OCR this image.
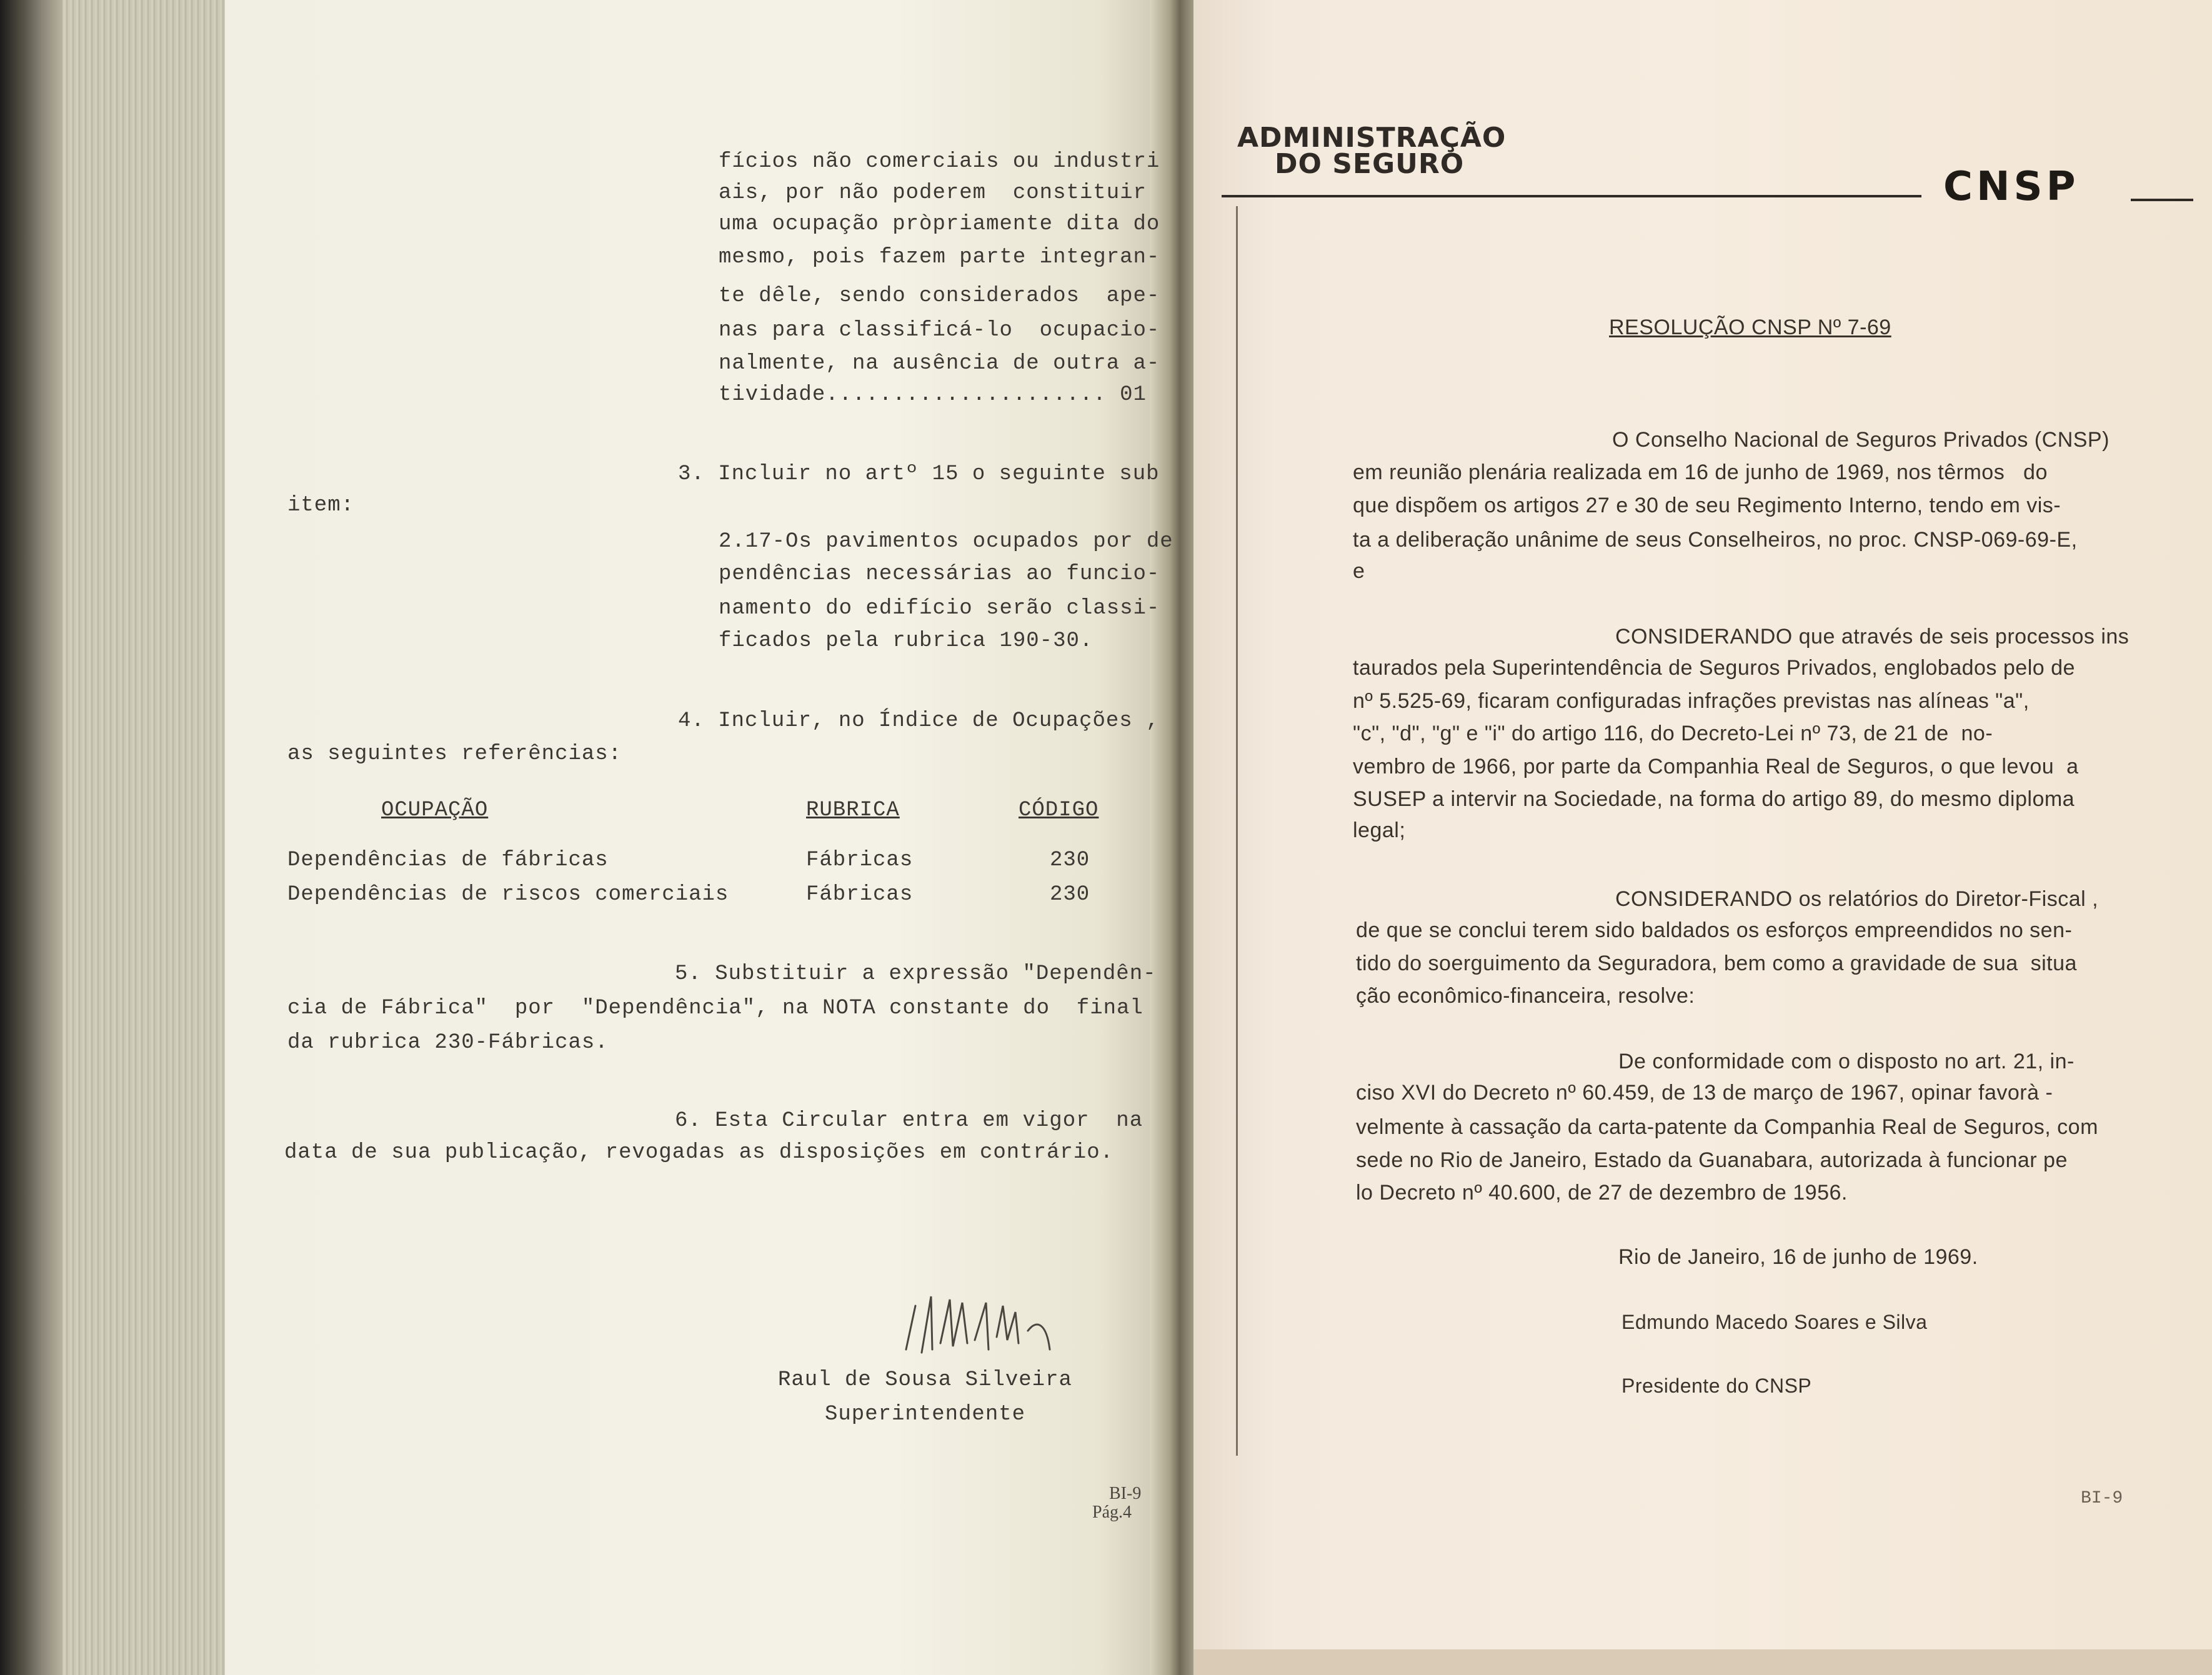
fícios não comerciais ou industri
ais, por não poderem  constituir
uma ocupação pròpriamente dita do
mesmo, pois fazem parte integran-
te dêle, sendo considerados  ape-
nas para classificá-lo  ocupacio-
nalmente, na ausência de outra a-
tividade..................... 01
3. Incluir no artº 15 o seguinte sub
item:
2.17-Os pavimentos ocupados por de
pendências necessárias ao funcio-
namento do edifício serão classi-
ficados pela rubrica 190-30.
4. Incluir, no Índice de Ocupações ,
as seguintes referências:
OCUPAÇÃO	RUBRICA	CÓDIGO
Dependências de fábricas	Fábricas	230
Dependências de riscos comerciais	Fábricas	230
5. Substituir a expressão "Dependên-
cia de Fábrica"  por  "Dependência", na NOTA constante do  final
da rubrica 230-Fábricas.
6. Esta Circular entra em vigor  na
data de sua publicação, revogadas as disposições em contrário.
Raul de Sousa Silveira
Superintendente
BI-9
Pág.4
ADMINISTRAÇÃO
DO SEGURO	CNSP
RESOLUÇÃO CNSP Nº 7-69
O Conselho Nacional de Seguros Privados (CNSP)
em reunião plenária realizada em 16 de junho de 1969, nos têrmos   do
que dispõem os artigos 27 e 30 de seu Regimento Interno, tendo em vis-
ta a deliberação unânime de seus Conselheiros, no proc. CNSP-069-69-E,
e
CONSIDERANDO que através de seis processos ins
taurados pela Superintendência de Seguros Privados, englobados pelo de
nº 5.525-69, ficaram configuradas infrações previstas nas alíneas "a",
"c", "d", "g" e "i" do artigo 116, do Decreto-Lei nº 73, de 21 de  no-
vembro de 1966, por parte da Companhia Real de Seguros, o que levou  a
SUSEP a intervir na Sociedade, na forma do artigo 89, do mesmo diploma
legal;
CONSIDERANDO os relatórios do Diretor-Fiscal ,
de que se conclui terem sido baldados os esforços empreendidos no sen-
tido do soerguimento da Seguradora, bem como a gravidade de sua  situa
ção econômico-financeira, resolve:
De conformidade com o disposto no art. 21, in-
ciso XVI do Decreto nº 60.459, de 13 de março de 1967, opinar favorà -
velmente à cassação da carta-patente da Companhia Real de Seguros, com
sede no Rio de Janeiro, Estado da Guanabara, autorizada à funcionar pe
lo Decreto nº 40.600, de 27 de dezembro de 1956.
Rio de Janeiro, 16 de junho de 1969.
Edmundo Macedo Soares e Silva
Presidente do CNSP
BI-9
